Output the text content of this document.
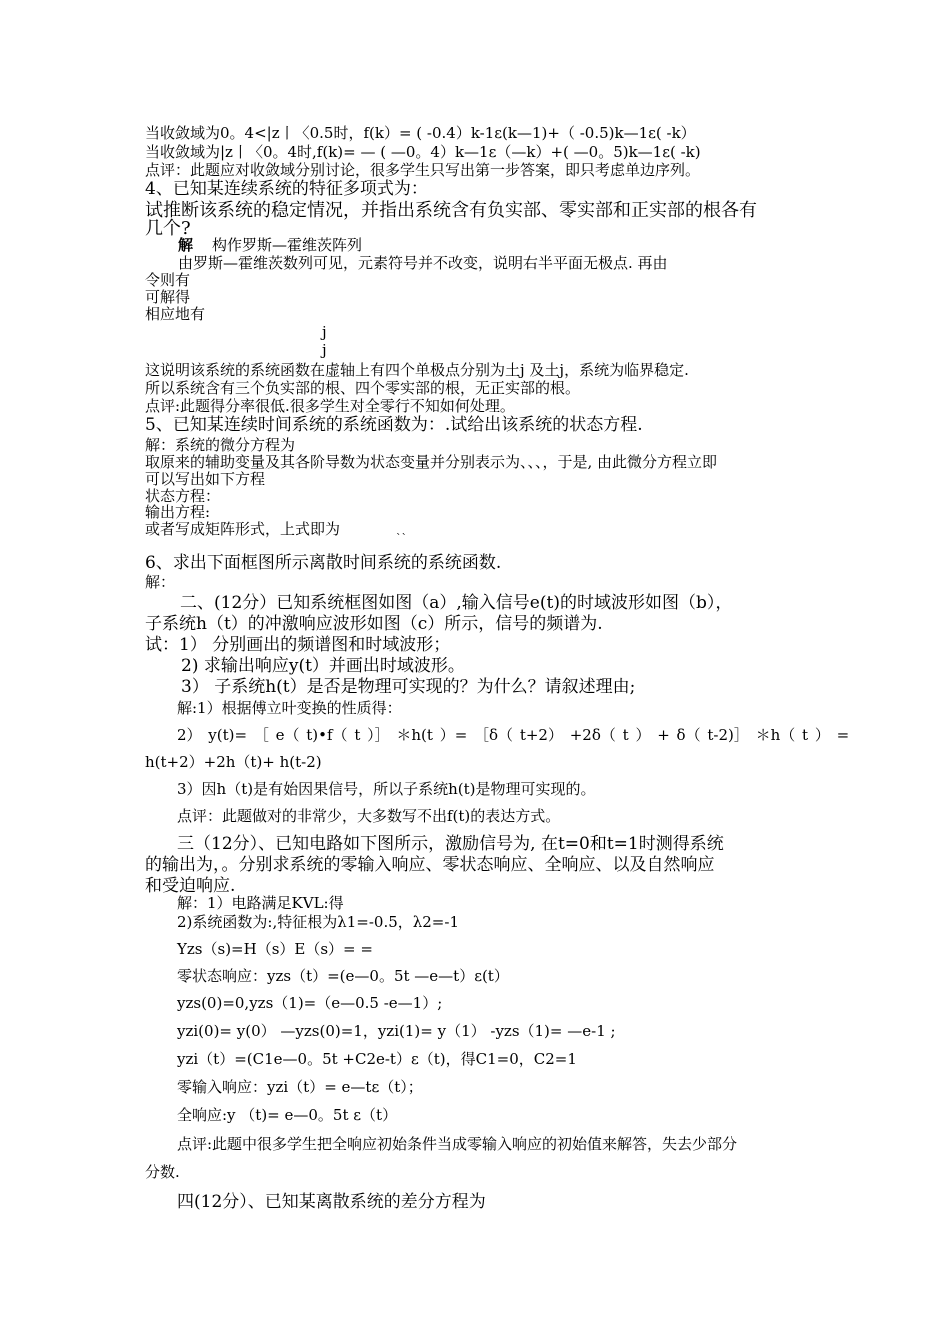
当收敛域为0。4<|z丨〈0.5时，f(k）= ( -0.4）k-1ε(k—1)+（ -0.5)k—1ε( -k）
当收敛域为|z丨〈0。4时,f(k)= — ( —0。4）k—1ε（—k）+( —0。5)k—1ε( -k)
点评：此题应对收敛域分别讨论，很多学生只写出第一步答案，即只考虑单边序列。
4、已知某连续系统的特征多项式为：
试推断该系统的稳定情况，并指出系统含有负实部、零实部和正实部的根各有
几个?
解 构作罗斯—霍维茨阵列
由罗斯—霍维茨数列可见，元素符号并不改变，说明右半平面无极点. 再由
令则有
可解得
相应地有
j
j
这说明该系统的系统函数在虚轴上有四个单极点分别为土j 及土j，系统为临界稳定.
所以系统含有三个负实部的根、四个零实部的根，无正实部的根。
点评:此题得分率很低.很多学生对全零行不知如何处理。
5、已知某连续时间系统的系统函数为：.试给出该系统的状态方程.
解：系统的微分方程为
取原来的辅助变量及其各阶导数为状态变量并分别表示为、、、，于是, 由此微分方程立即
可以写出如下方程
状态方程：
输出方程:
或者写成矩阵形式，上式即为
``
6、求出下面框图所示离散时间系统的系统函数.
解：
二、(12分）已知系统框图如图（a）,输入信号e(t)的时域波形如图（b），
子系统h（t）的冲激响应波形如图（c）所示，信号的频谱为.
试：1） 分别画出的频谱图和时域波形；
2) 求输出响应y(t）并画出时域波形。
3） 子系统h(t）是否是物理可实现的？为什么？请叙述理由;
解:1）根据傅立叶变换的性质得：
2） y(t)= ［ e（ t)•f（ t ）］ ＊h(t ）= ［δ（ t+2） +2δ（ t ） + δ（ t-2)］ ＊h（ t ） =
h(t+2）+2h（t)+ h(t-2)
3）因h（t)是有始因果信号，所以子系统h(t)是物理可实现的。
点评：此题做对的非常少，大多数写不出f(t)的表达方式。
三（12分）、已知电路如下图所示，激励信号为, 在t=0和t=1时测得系统
的输出为，。分别求系统的零输入响应、零状态响应、全响应、以及自然响应
和受迫响应.
解：1）电路满足KVL:得
2)系统函数为:,特征根为λ1=-0.5，λ2=-1
Yzs（s)=H（s）E（s）= =
零状态响应：yzs（t）=(e—0。5t —e—t）ε(t）
yzs(0)=0,yzs（1)=（e—0.5 -e—1）;
yzi(0)= y(0） —yzs(0)=1，yzi(1)= y（1） -yzs（1)= —e-1 ;
yzi（t）=(C1e—0。5t +C2e-t）ε（t)，得C1=0，C2=1
零输入响应：yzi（t）= e—tε（t）；
全响应:y （t)= e—0。5t ε（t）
点评:此题中很多学生把全响应初始条件当成零输入响应的初始值来解答，失去少部分
分数.
四(12分）、已知某离散系统的差分方程为
